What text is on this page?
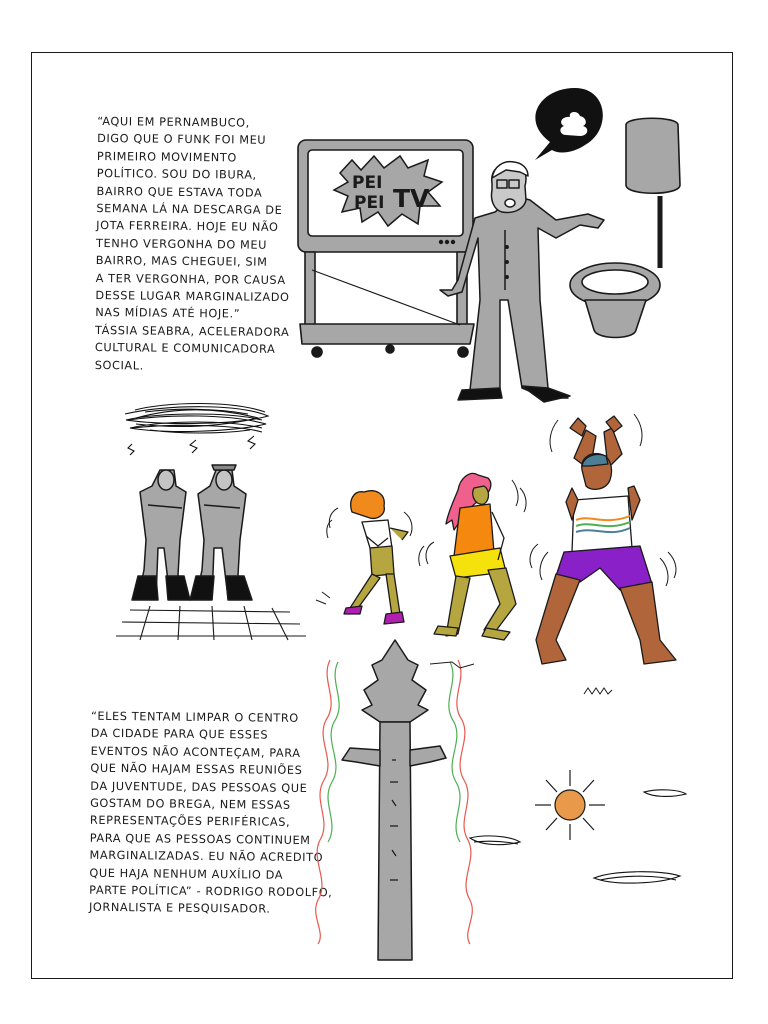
“AQUI EM PERNAMBUCO,
DIGO QUE O FUNK FOI MEU
PRIMEIRO MOVIMENTO
POLÍTICO. SOU DO IBURA,
BAIRRO QUE ESTAVA TODA
SEMANA LÁ NA DESCARGA DE
JOTA FERREIRA. HOJE EU NÃO
TENHO VERGONHA DO MEU
BAIRRO, MAS CHEGUEI, SIM
A TER VERGONHA, POR CAUSA
DESSE LUGAR MARGINALIZADO
NAS MÍDIAS ATÉ HOJE.”
TÁSSIA SEABRA, ACELERADORA
CULTURAL E COMUNICADORA
SOCIAL.
“ELES TENTAM LIMPAR O CENTRO
DA CIDADE PARA QUE ESSES
EVENTOS NÃO ACONTEÇAM, PARA
QUE NÃO HAJAM ESSAS REUNIÕES
DA JUVENTUDE, DAS PESSOAS QUE
GOSTAM DO BREGA, NEM ESSAS
REPRESENTAÇÕES PERIFÉRICAS,
PARA QUE AS PESSOAS CONTINUEM
MARGINALIZADAS. EU NÃO ACREDITO
QUE HAJA NENHUM AUXÍLIO DA
PARTE POLÍTICA” - RODRIGO RODOLFO,
JORNALISTA E PESQUISADOR.
PEI
PEI TV
